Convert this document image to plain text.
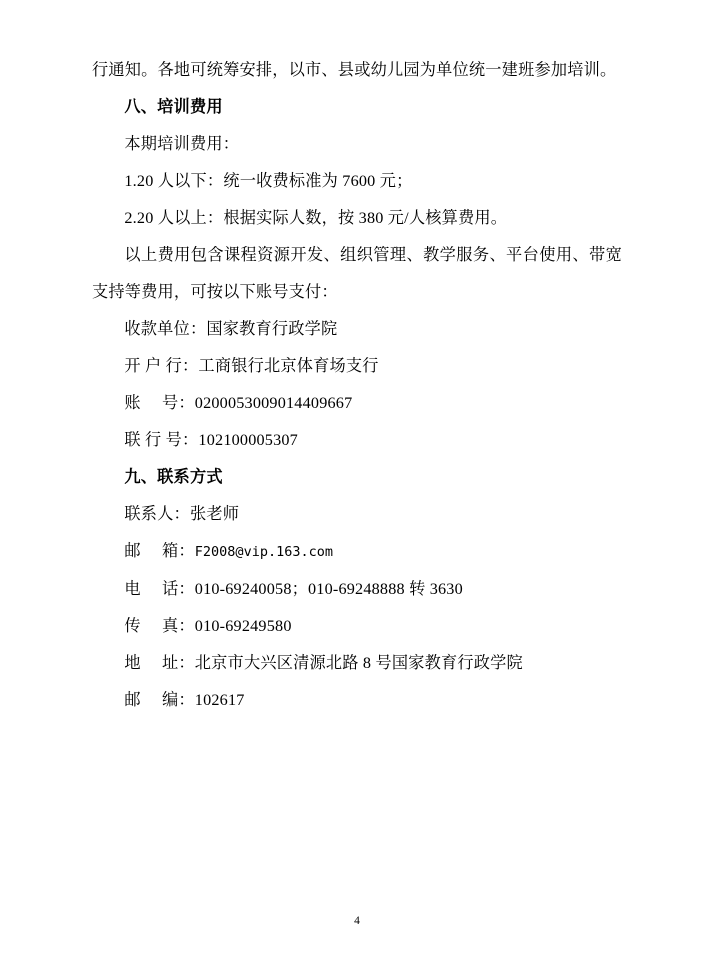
行通知。各地可统筹安排，以市、县或幼儿园为单位统一建班参加培训。

八、培训费用

本期培训费用：

1.20 人以下：统一收费标准为 7600 元；

2.20 人以上：根据实际人数，按 380 元/人核算费用。

以上费用包含课程资源开发、组织管理、教学服务、平台使用、带宽支持等费用，可按以下账号支付：

收款单位：国家教育行政学院

开 户 行：工商银行北京体育场支行

账     号：0200053009014409667

联 行 号：102100005307

九、联系方式

联系人：张老师

邮     箱：F2008@vip.163.com

电     话：010-69240058；010-69248888 转 3630

传     真：010-69249580

地     址：北京市大兴区清源北路 8 号国家教育行政学院

邮     编：102617

4
